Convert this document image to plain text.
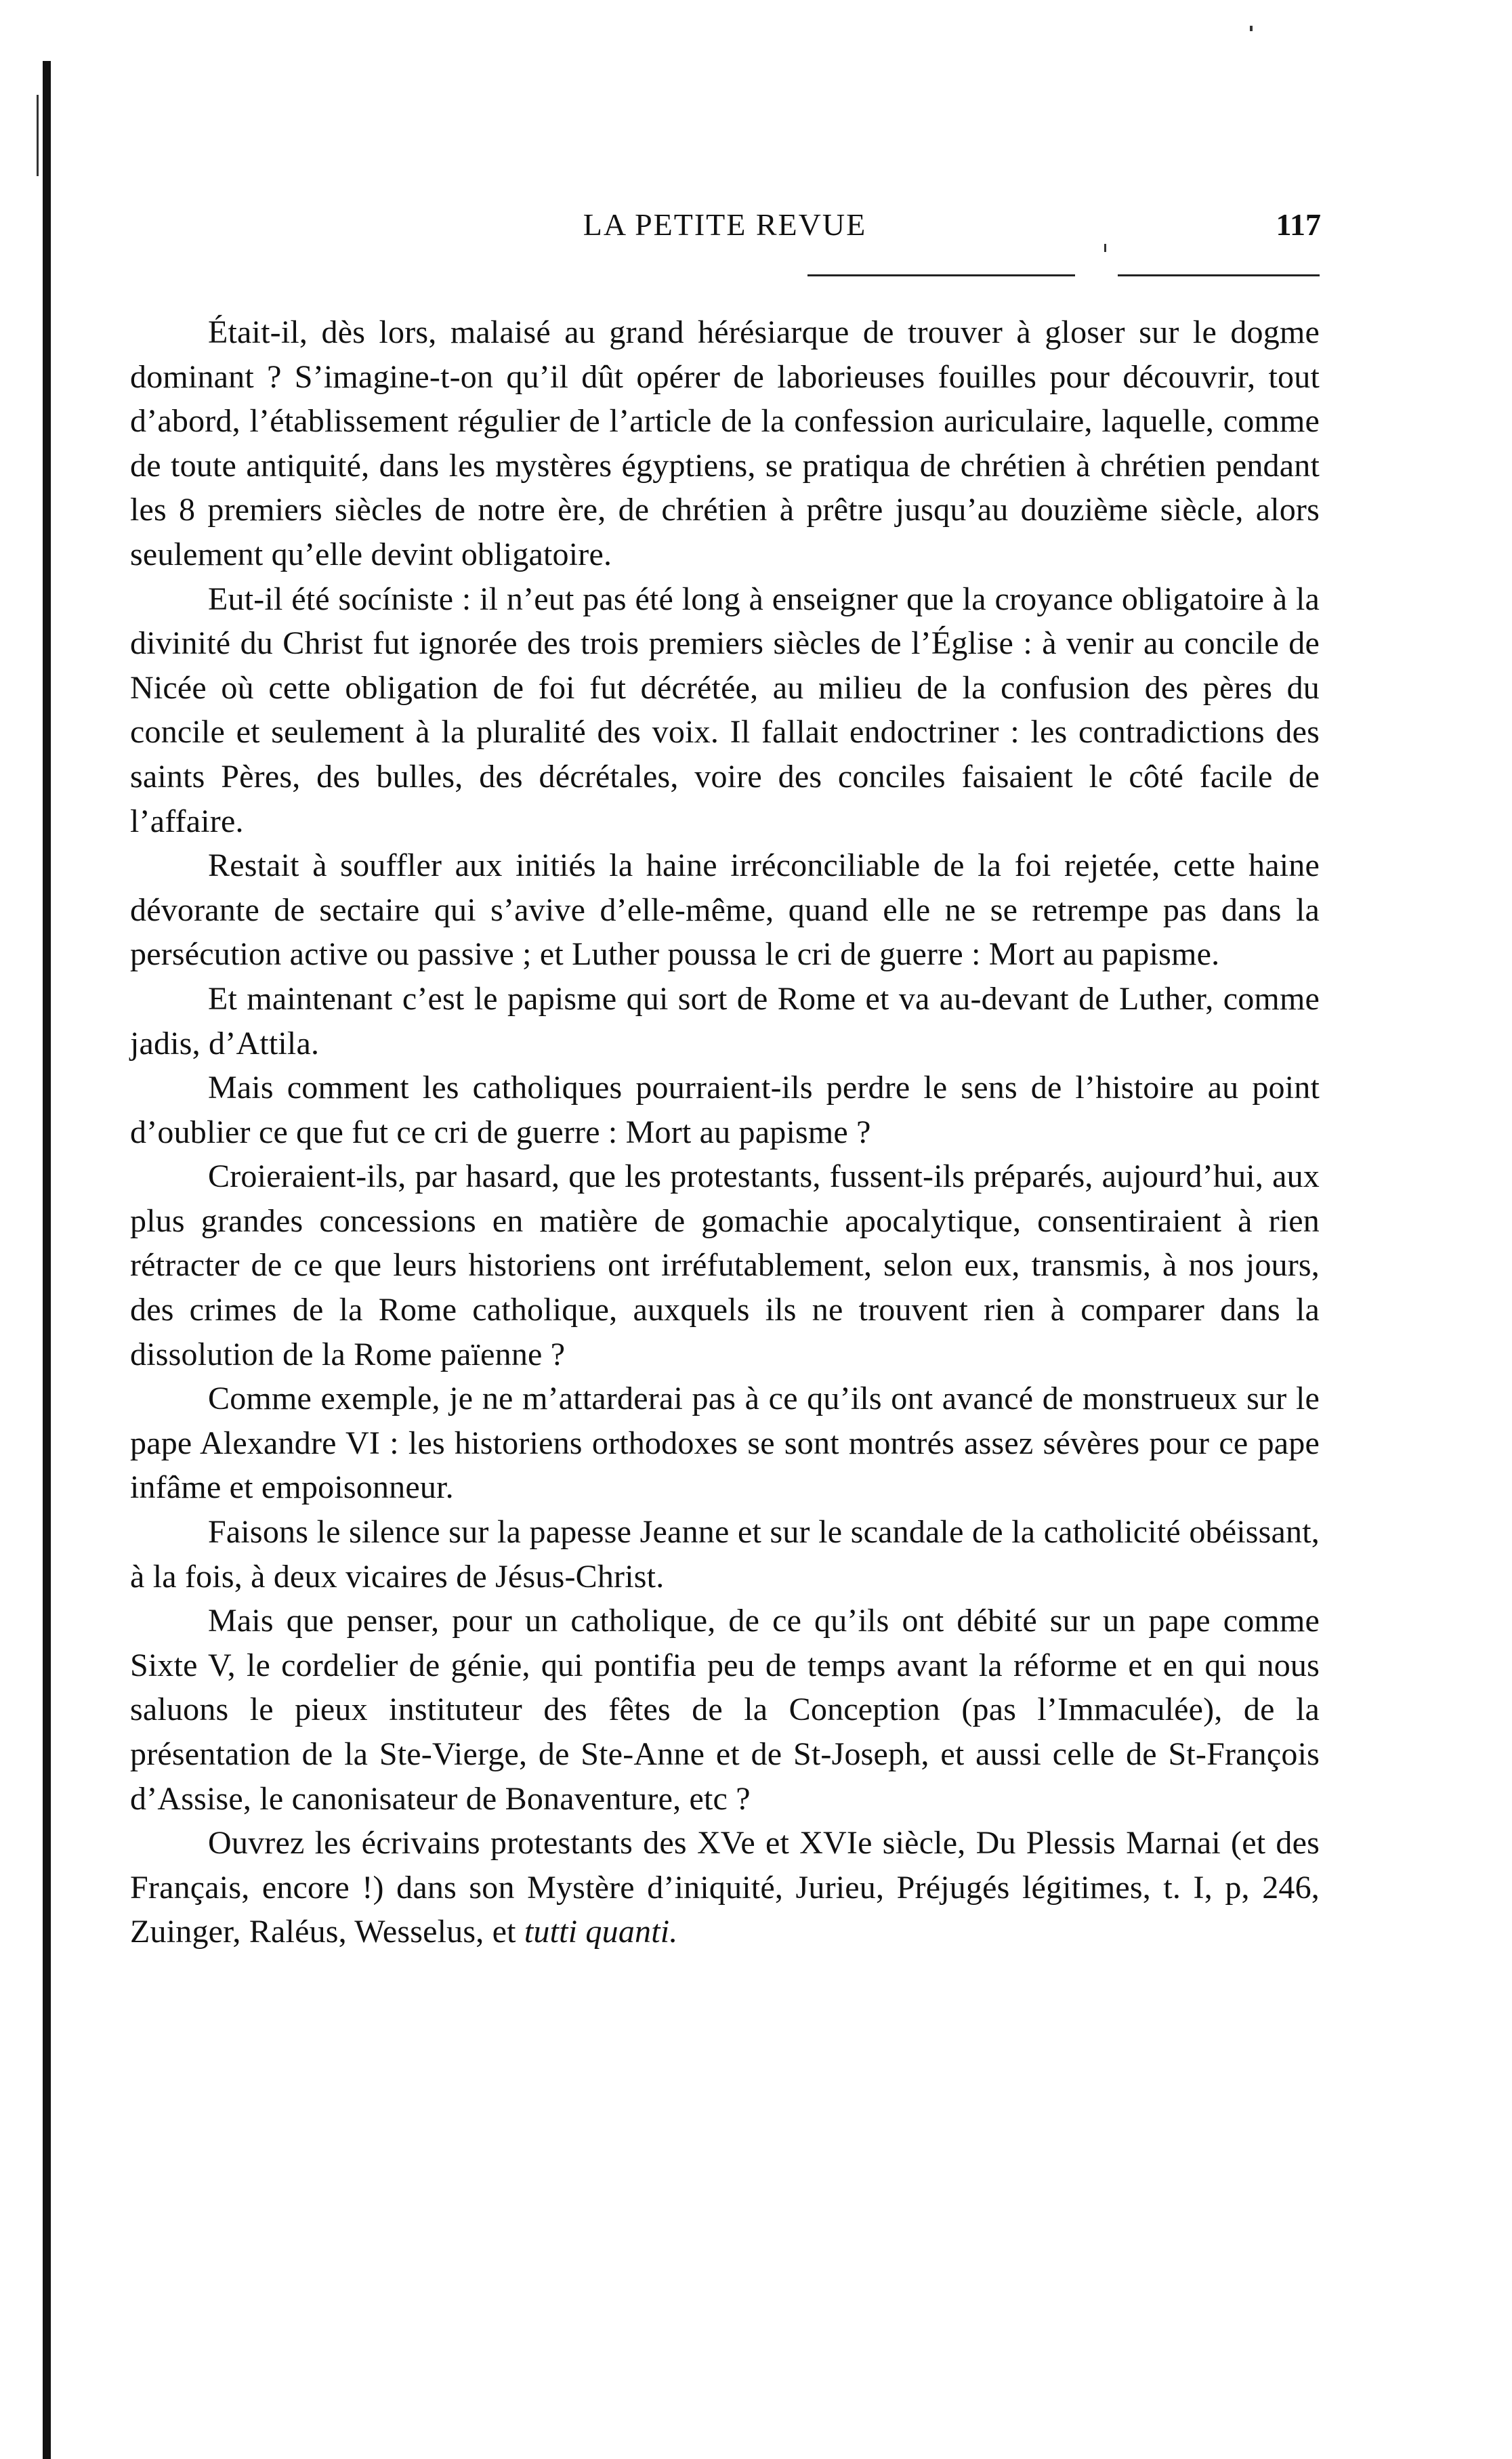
LA PETITE REVUE	117

Était-il, dès lors, malaisé au grand hérésiarque de trouver à gloser sur le dogme dominant ? S’imagine-t-on qu’il dût opérer de laborieuses fouilles pour découvrir, tout d’abord, l’établissement régulier de l’article de la confession auriculaire, laquelle, comme de toute antiquité, dans les mystères égyptiens, se pratiqua de chrétien à chrétien pendant les 8 premiers siècles de notre ère, de chrétien à prêtre jusqu’au douzième siècle, alors seulement qu’elle devint obligatoire.

Eut-il été socíniste : il n’eut pas été long à enseigner que la croyance obligatoire à la divinité du Christ fut ignorée des trois premiers siècles de l’Église : à venir au concile de Nicée où cette obligation de foi fut décrétée, au milieu de la confusion des pères du concile et seulement à la pluralité des voix. Il fallait endoctriner : les contradictions des saints Pères, des bulles, des décrétales, voire des conciles faisaient le côté facile de l’affaire.

Restait à souffler aux initiés la haine irréconciliable de la foi rejetée, cette haine dévorante de sectaire qui s’avive d’elle-même, quand elle ne se retrempe pas dans la persécution active ou passive ; et Luther poussa le cri de guerre : Mort au papisme.

Et maintenant c’est le papisme qui sort de Rome et va au-devant de Luther, comme jadis, d’Attila.

Mais comment les catholiques pourraient-ils perdre le sens de l’histoire au point d’oublier ce que fut ce cri de guerre : Mort au papisme ?

Croieraient-ils, par hasard, que les protestants, fussent-ils préparés, aujourd’hui, aux plus grandes concessions en matière de gomachie apocalytique, consentiraient à rien rétracter de ce que leurs historiens ont irréfutablement, selon eux, transmis, à nos jours, des crimes de la Rome catholique, auxquels ils ne trouvent rien à comparer dans la dissolution de la Rome païenne ?

Comme exemple, je ne m’attarderai pas à ce qu’ils ont avancé de monstrueux sur le pape Alexandre VI : les historiens orthodoxes se sont montrés assez sévères pour ce pape infâme et empoisonneur.

Faisons le silence sur la papesse Jeanne et sur le scandale de la catholicité obéissant, à la fois, à deux vicaires de Jésus-Christ.

Mais que penser, pour un catholique, de ce qu’ils ont débité sur un pape comme Sixte V, le cordelier de génie, qui pontifia peu de temps avant la réforme et en qui nous saluons le pieux instituteur des fêtes de la Conception (pas l’Immaculée), de la présentation de la Ste-Vierge, de Ste-Anne et de St-Joseph, et aussi celle de St-François d’Assise, le canonisateur de Bonaventure, etc ?

Ouvrez les écrivains protestants des XVe et XVIe siècle, Du Plessis Marnai (et des Français, encore !) dans son Mystère d’iniquité, Jurieu, Préjugés légitimes, t. I, p, 246, Zuinger, Raléus, Wesselus, et tutti quanti.
